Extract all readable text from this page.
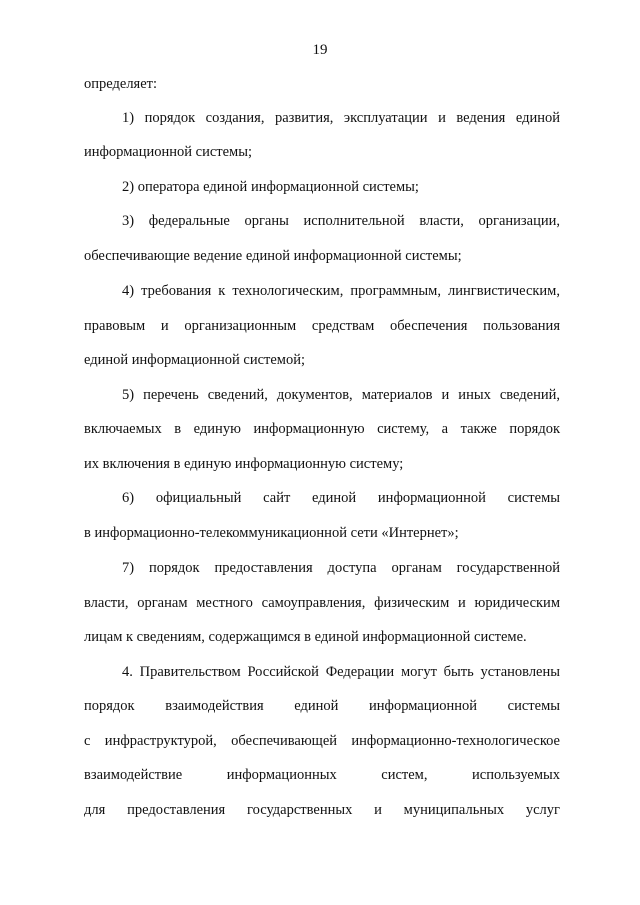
19
определяет:
1) порядок создания, развития, эксплуатации и ведения единой
информационной системы;
2) оператора единой информационной системы;
3) федеральные органы исполнительной власти, организации,
обеспечивающие ведение единой информационной системы;
4) требования к технологическим, программным, лингвистическим,
правовым и организационным средствам обеспечения пользования
единой информационной системой;
5) перечень сведений, документов, материалов и иных сведений,
включаемых в единую информационную систему, а также порядок
их включения в единую информационную систему;
6) официальный сайт единой информационной системы
в информационно-телекоммуникационной сети «Интернет»;
7) порядок предоставления доступа органам государственной
власти, органам местного самоуправления, физическим и юридическим
лицам к сведениям, содержащимся в единой информационной системе.
4. Правительством Российской Федерации могут быть установлены
порядок взаимодействия единой информационной системы
с инфраструктурой, обеспечивающей информационно-технологическое
взаимодействие информационных систем, используемых
для предоставления государственных и муниципальных услуг
